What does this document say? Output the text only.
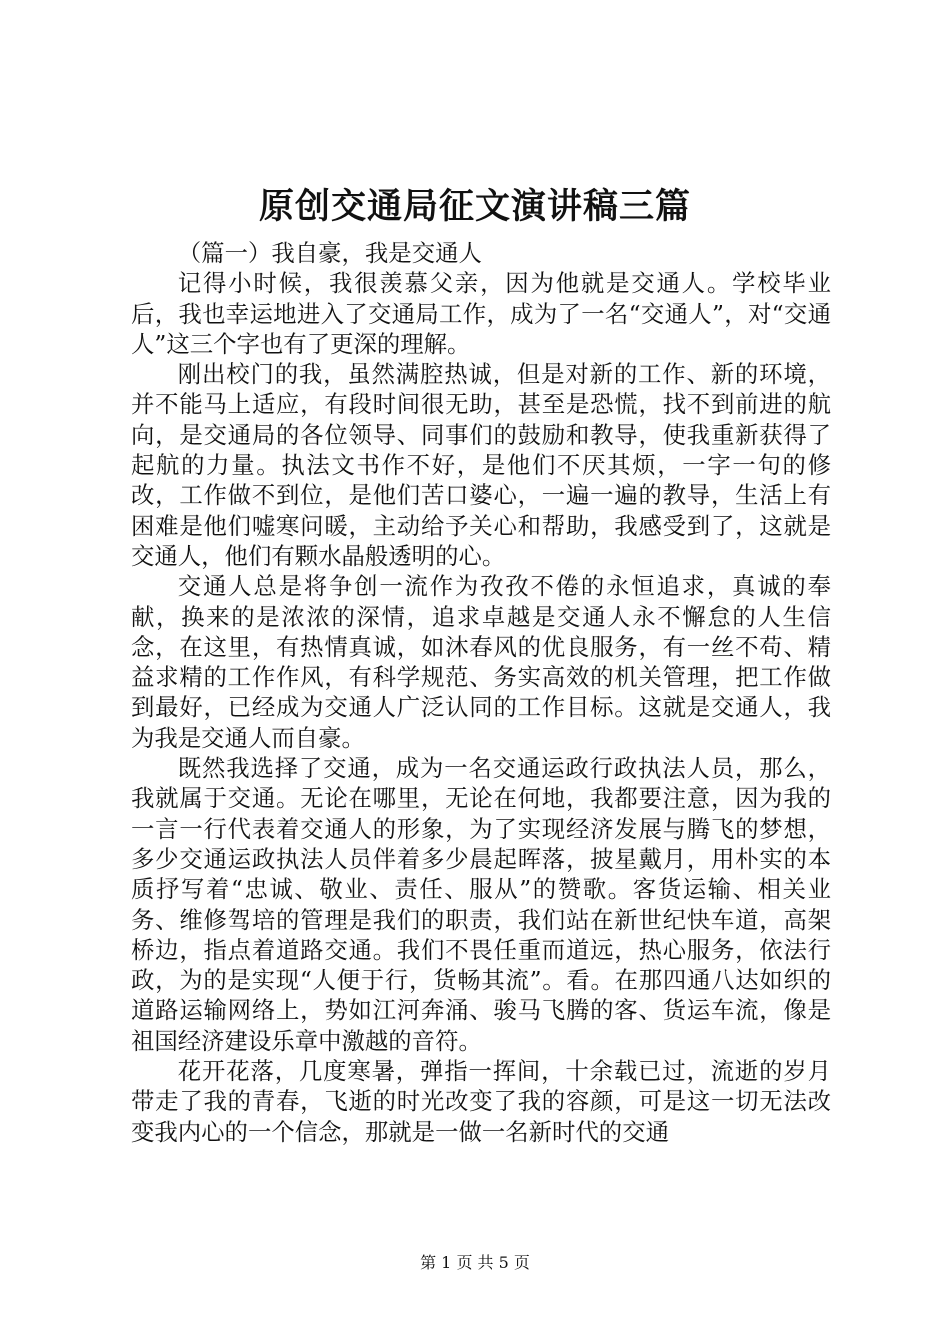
原创交通局征文演讲稿三篇

（篇一）我自豪，我是交通人

记得小时候，我很羡慕父亲，因为他就是交通人。学校毕业后，我也幸运地进入了交通局工作，成为了一名“交通人”，对“交通人”这三个字也有了更深的理解。

刚出校门的我，虽然满腔热诚，但是对新的工作、新的环境，并不能马上适应，有段时间很无助，甚至是恐慌，找不到前进的航向，是交通局的各位领导、同事们的鼓励和教导，使我重新获得了起航的力量。执法文书作不好，是他们不厌其烦，一字一句的修改，工作做不到位，是他们苦口婆心，一遍一遍的教导，生活上有困难是他们嘘寒问暖，主动给予关心和帮助，我感受到了，这就是交通人，他们有颗水晶般透明的心。

交通人总是将争创一流作为孜孜不倦的永恒追求，真诚的奉献，换来的是浓浓的深情，追求卓越是交通人永不懈怠的人生信念，在这里，有热情真诚，如沐春风的优良服务，有一丝不苟、精益求精的工作作风，有科学规范、务实高效的机关管理，把工作做到最好，已经成为交通人广泛认同的工作目标。这就是交通人，我为我是交通人而自豪。

既然我选择了交通，成为一名交通运政行政执法人员，那么，我就属于交通。无论在哪里，无论在何地，我都要注意，因为我的一言一行代表着交通人的形象，为了实现经济发展与腾飞的梦想，多少交通运政执法人员伴着多少晨起晖落，披星戴月，用朴实的本质抒写着“忠诚、敬业、责任、服从”的赞歌。客货运输、相关业务、维修驾培的管理是我们的职责，我们站在新世纪快车道，高架桥边，指点着道路交通。我们不畏任重而道远，热心服务，依法行政，为的是实现“人便于行，货畅其流”。看。在那四通八达如织的道路运输网络上，势如江河奔涌、骏马飞腾的客、货运车流，像是祖国经济建设乐章中激越的音符。

花开花落，几度寒暑，弹指一挥间，十余载已过，流逝的岁月带走了我的青春，飞逝的时光改变了我的容颜，可是这一切无法改变我内心的一个信念，那就是一做一名新时代的交通

第 1 页 共 5 页
